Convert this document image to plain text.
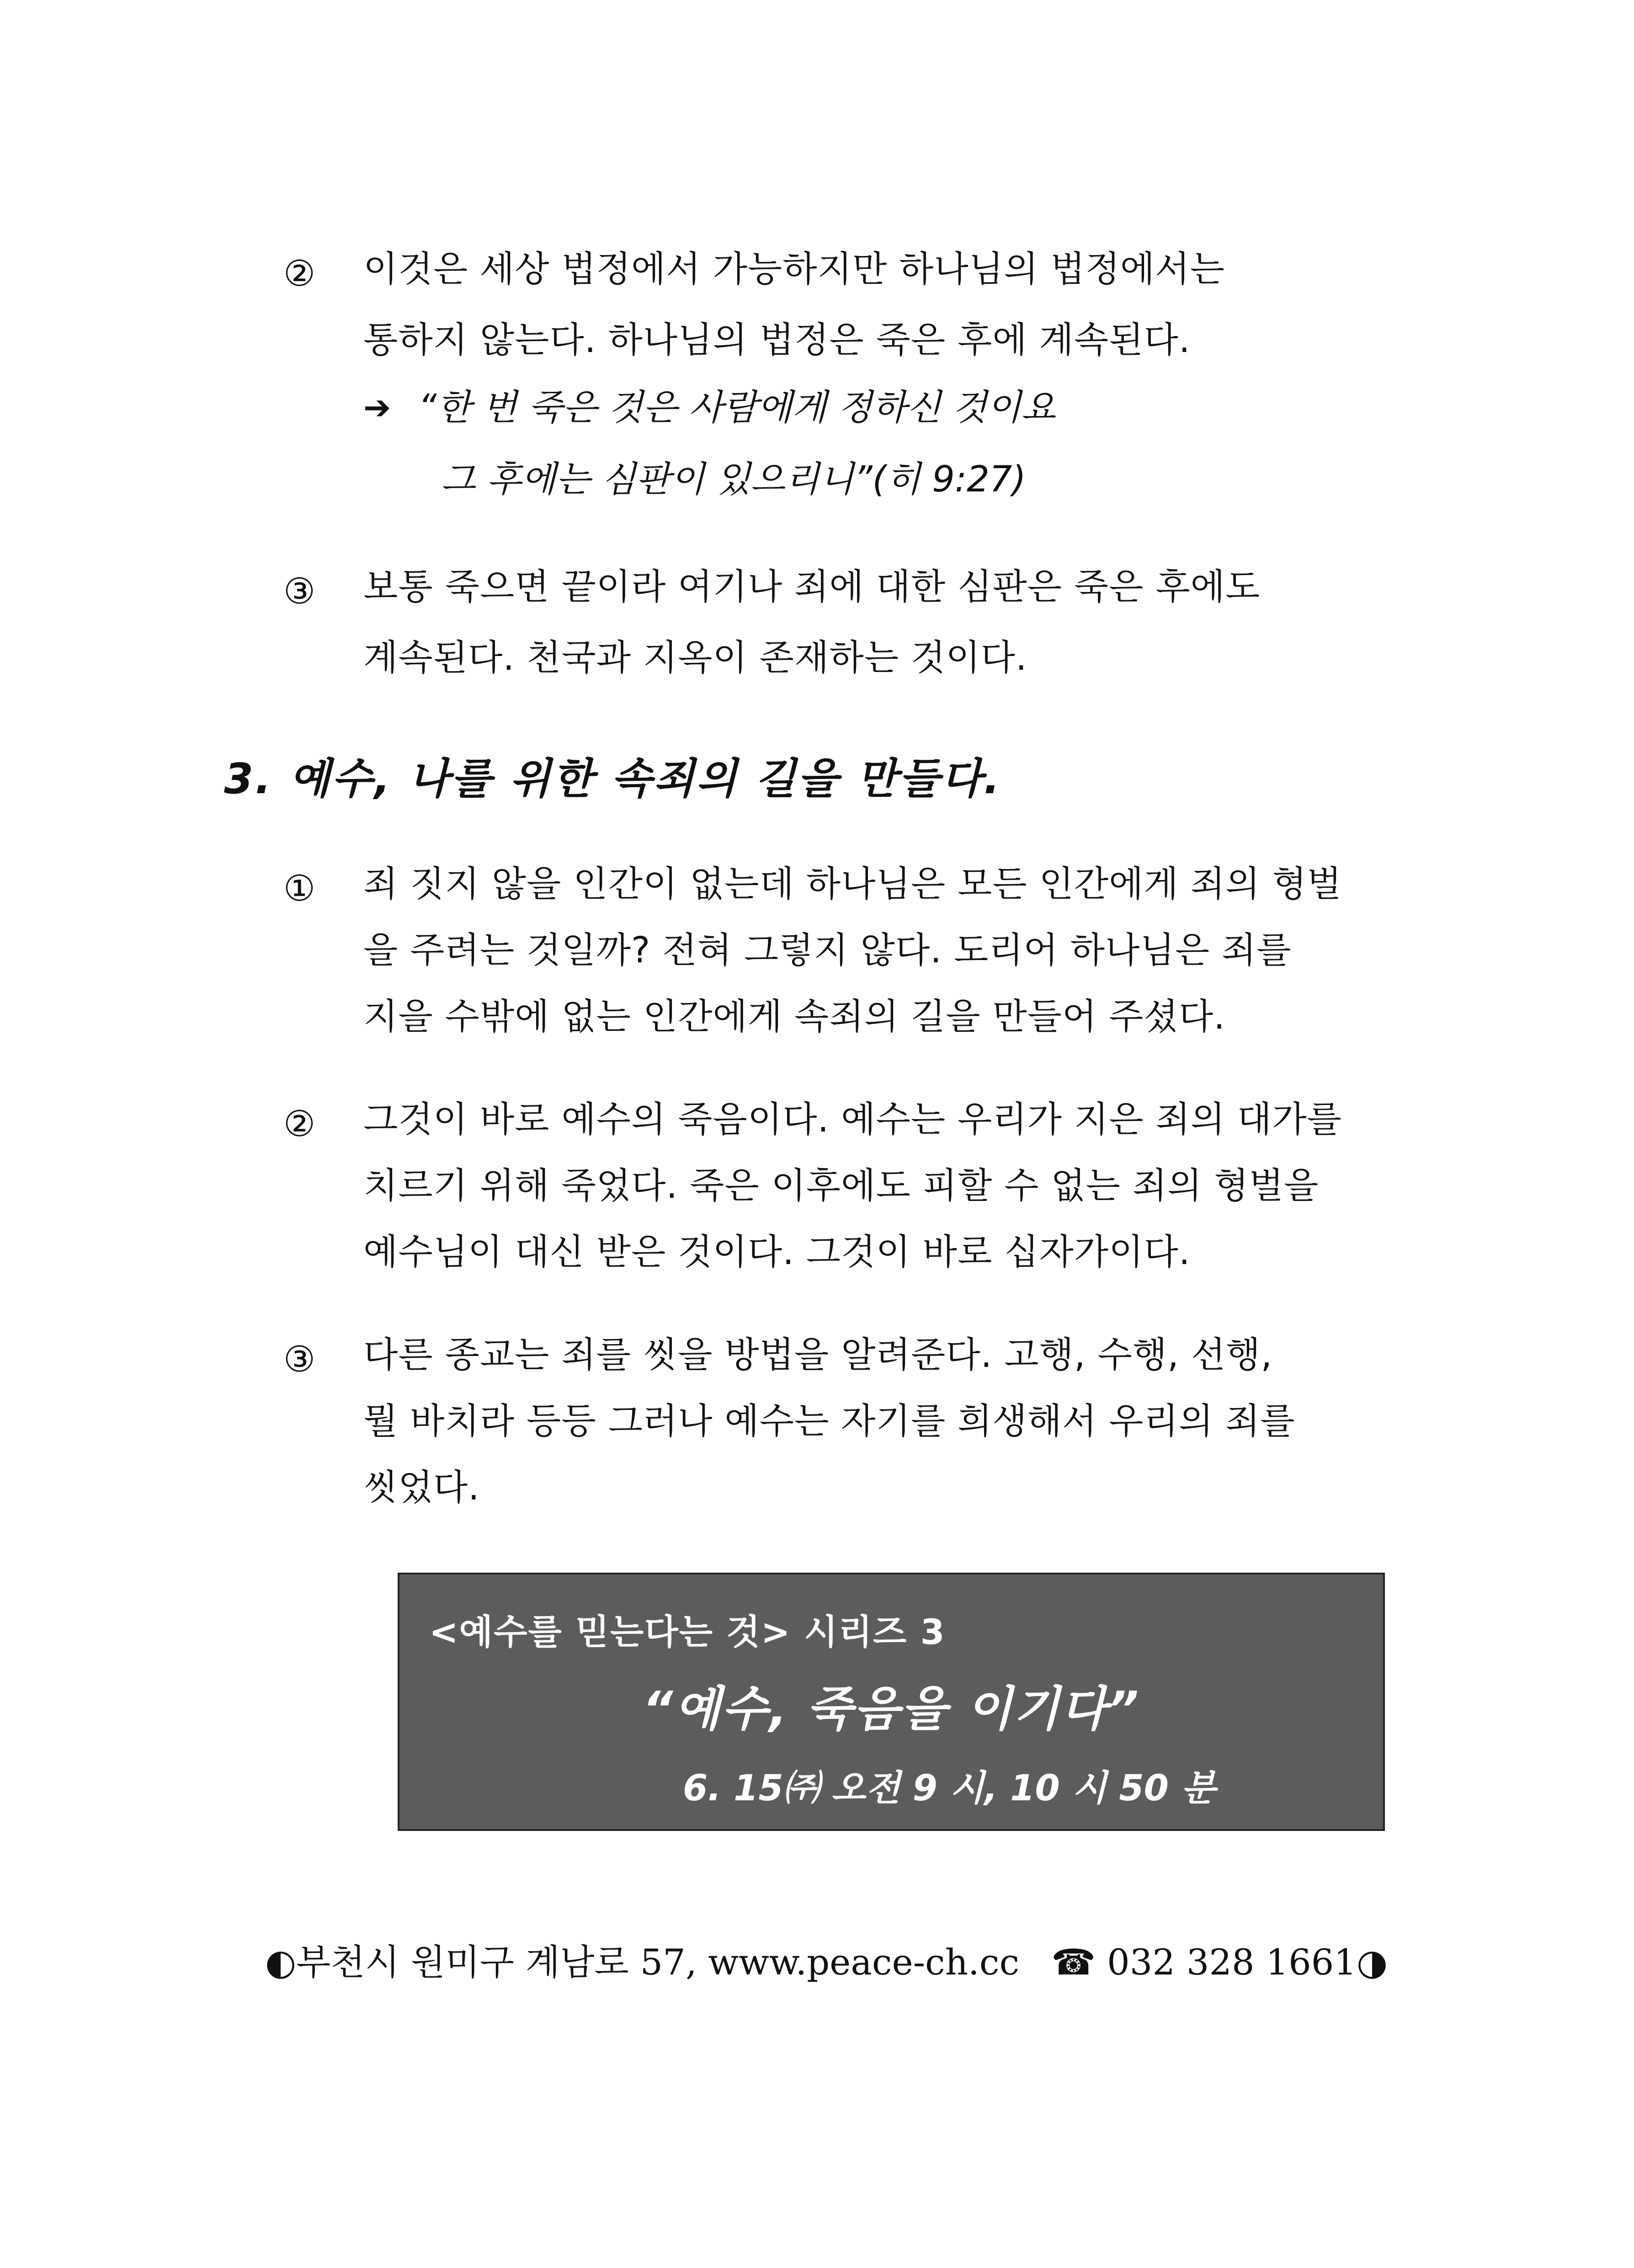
② 이것은 세상 법정에서 가능하지만 하나님의 법정에서는
통하지 않는다. 하나님의 법정은 죽은 후에 계속된다.
➔ “한 번 죽은 것은 사람에게 정하신 것이요
그 후에는 심판이 있으리니”(히 9:27)
③ 보통 죽으면 끝이라 여기나 죄에 대한 심판은 죽은 후에도
계속된다. 천국과 지옥이 존재하는 것이다.
3. 예수, 나를 위한 속죄의 길을 만들다.
① 죄 짓지 않을 인간이 없는데 하나님은 모든 인간에게 죄의 형벌
을 주려는 것일까? 전혀 그렇지 않다. 도리어 하나님은 죄를
지을 수밖에 없는 인간에게 속죄의 길을 만들어 주셨다.
② 그것이 바로 예수의 죽음이다. 예수는 우리가 지은 죄의 대가를
치르기 위해 죽었다. 죽은 이후에도 피할 수 없는 죄의 형벌을
예수님이 대신 받은 것이다. 그것이 바로 십자가이다.
③ 다른 종교는 죄를 씻을 방법을 알려준다. 고행, 수행, 선행,
뭘 바치라 등등 그러나 예수는 자기를 희생해서 우리의 죄를
씻었다.
<예수를 믿는다는 것> 시리즈 3
“예수, 죽음을 이기다”
6. 15㈜ 오전 9 시, 10 시 50 분
◐부천시 원미구 계남로 57, www.peace-ch.cc ☎ 032 328 1661◑
